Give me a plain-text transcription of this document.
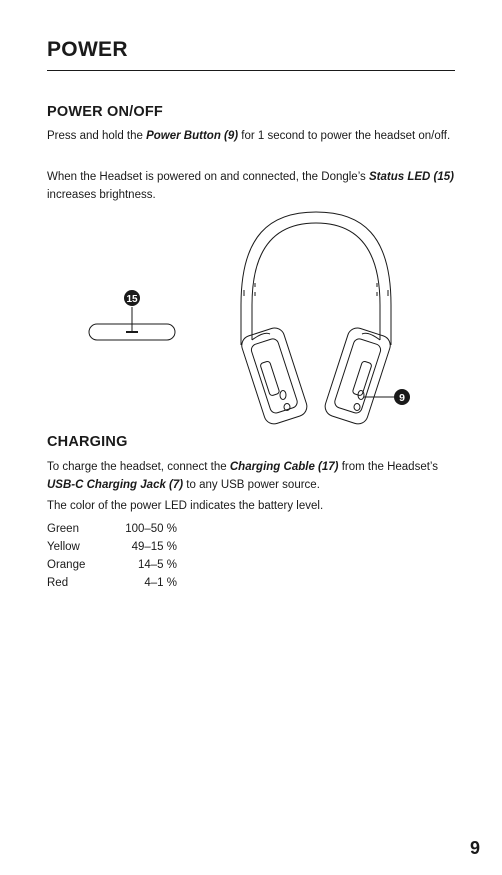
POWER
POWER ON/OFF

Press and hold the Power Button (9) for 1 second to power the headset on/off.

When the Headset is powered on and connected, the Dongle’s Status LED (15) increases brightness.

15
9
CHARGING

To charge the headset, connect the Charging Cable (17) from the Headset’s USB-C Charging Jack (7) to any USB power source.

The color of the power LED indicates the battery level.

Green	100–50 %
Yellow	49–15 %
Orange	14–5 %
Red	4–1 %
9
